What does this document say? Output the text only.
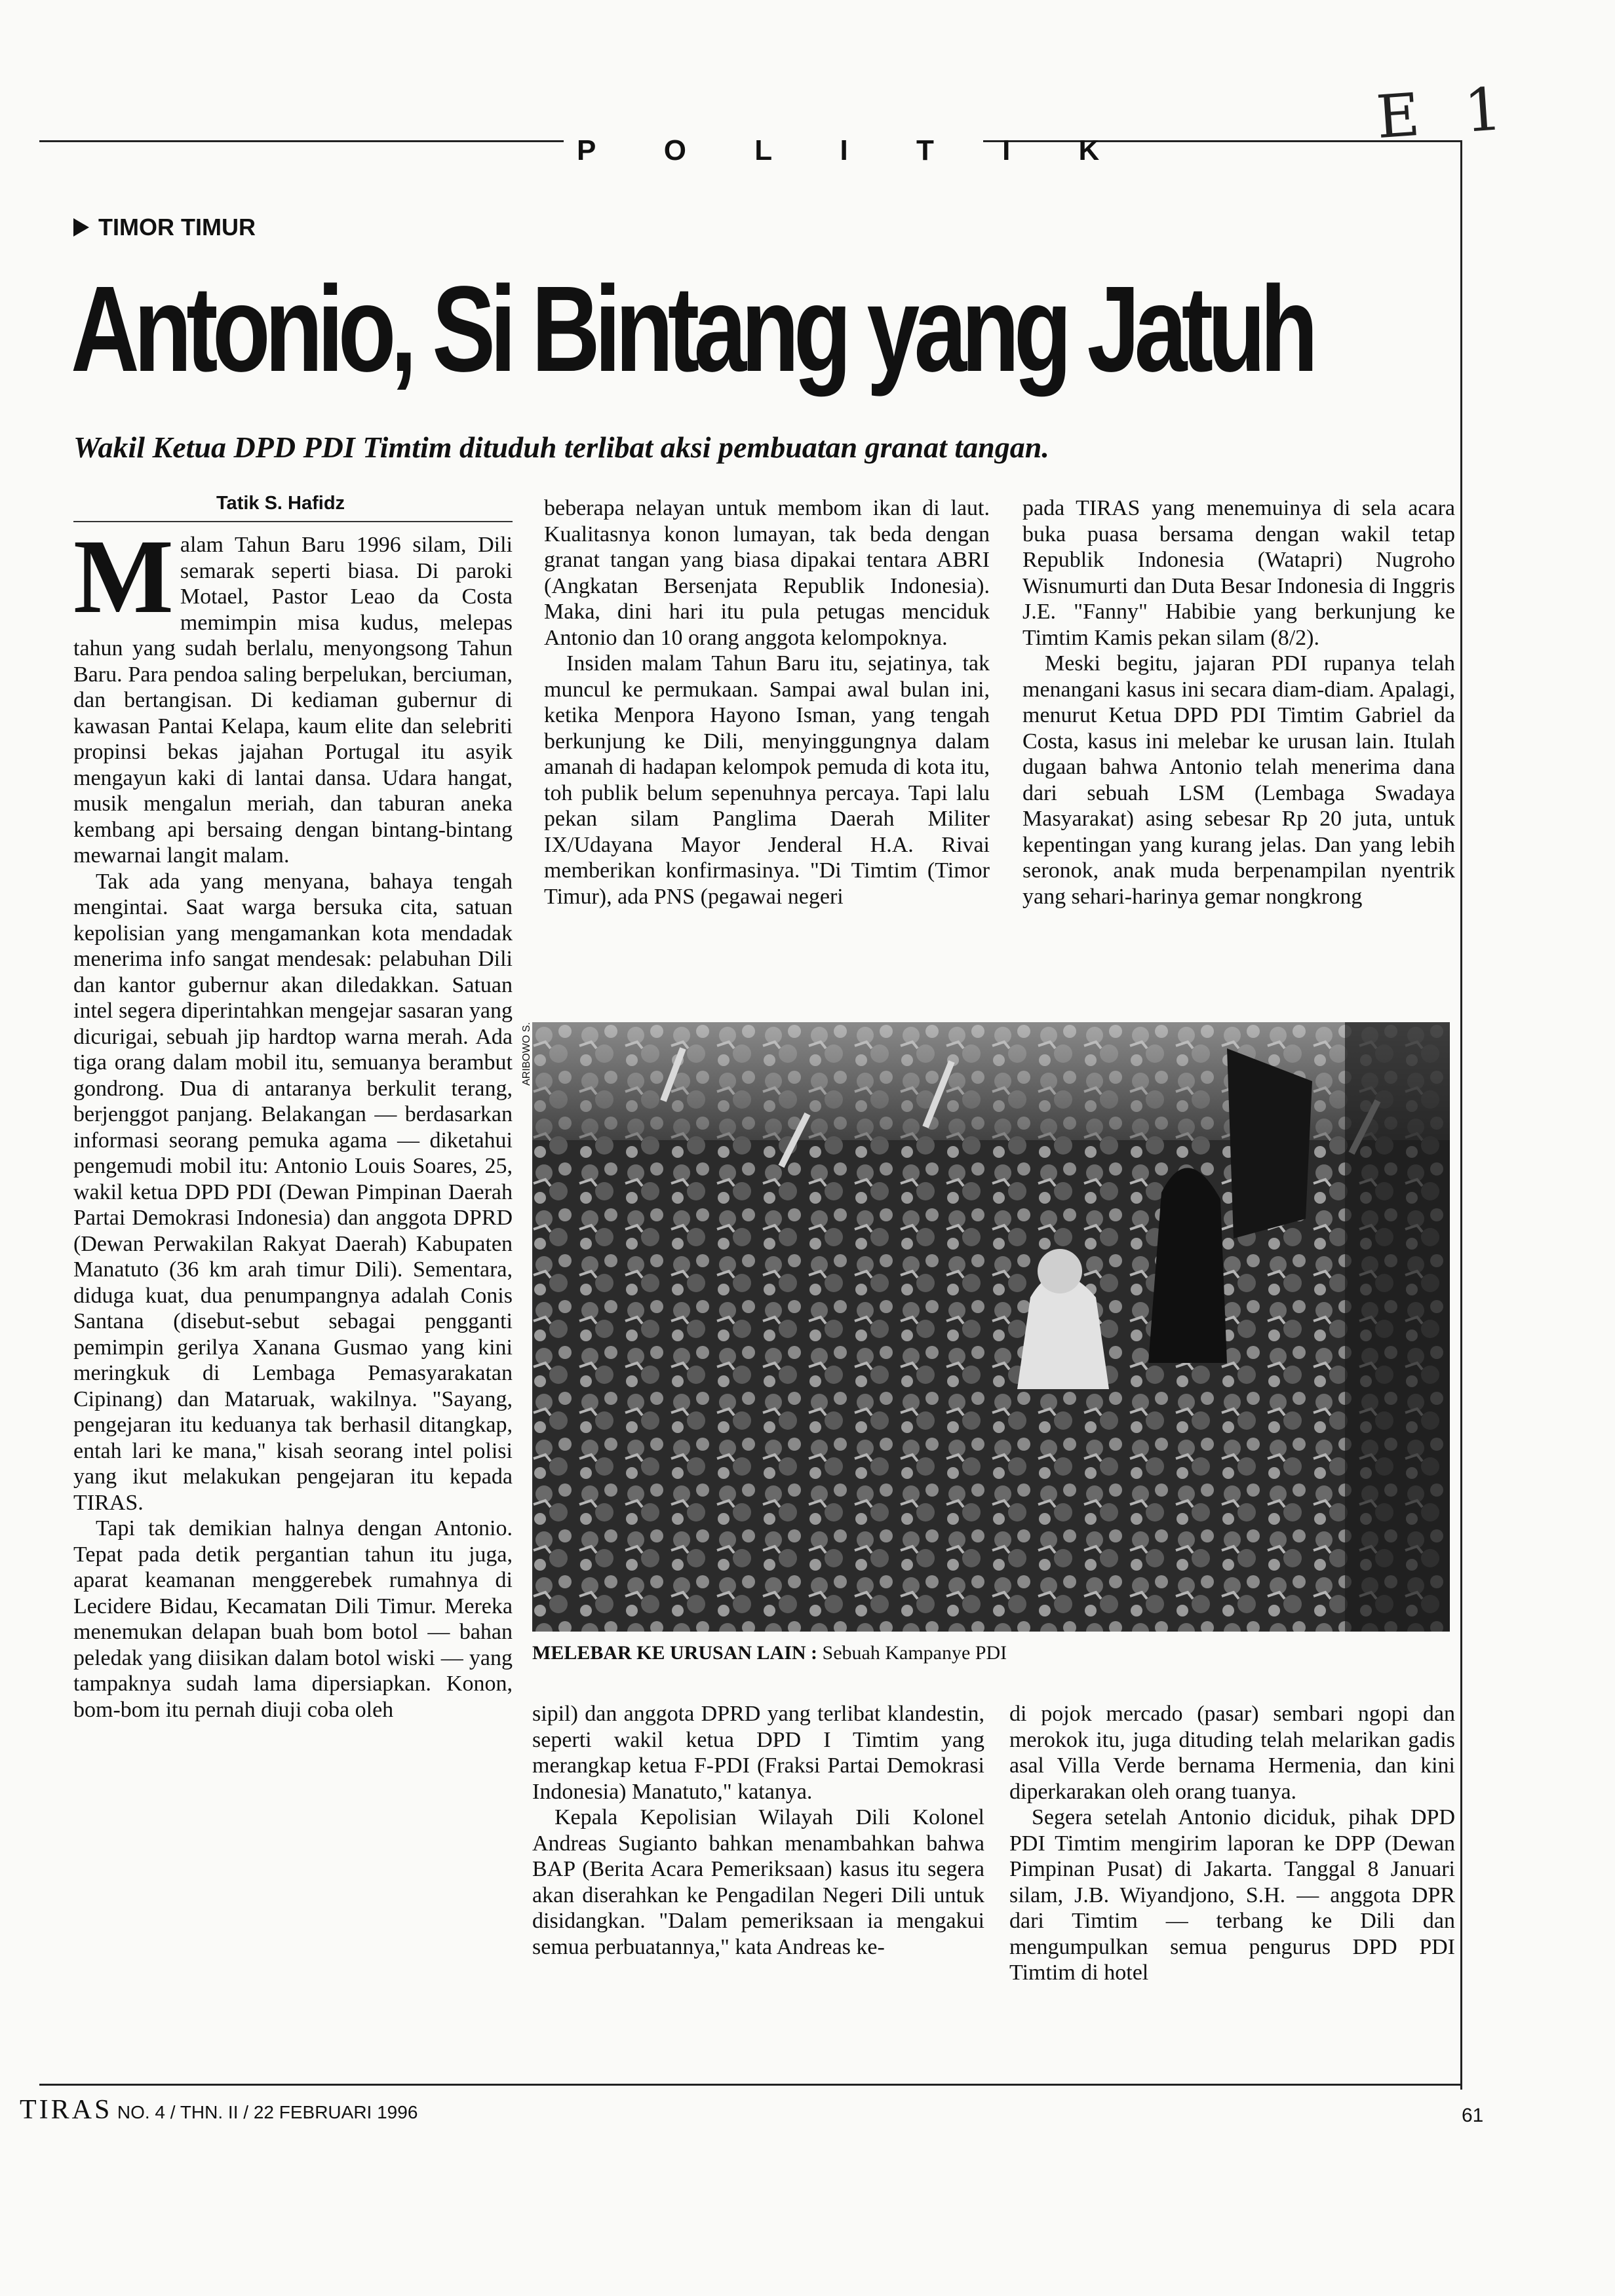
E 1
P O L I T I K
TIMOR TIMUR
Antonio, Si Bintang yang Jatuh
Wakil Ketua DPD PDI Timtim dituduh terlibat aksi pembuatan granat tangan.
Tatik S. Hafidz

Malam Tahun Baru 1996 silam, Dili semarak seperti biasa. Di paroki Motael, Pastor Leao da Costa memimpin misa kudus, melepas tahun yang sudah berlalu, menyongsong Tahun Baru. Para pendoa saling berpelukan, berciuman, dan bertangisan. Di kediaman gubernur di kawasan Pantai Kelapa, kaum elite dan selebriti propinsi bekas jajahan Portugal itu asyik mengayun kaki di lantai dansa. Udara hangat, musik mengalun meriah, dan taburan aneka kembang api bersaing dengan bintang-bintang mewarnai langit malam.

Tak ada yang menyana, bahaya tengah mengintai. Saat warga bersuka cita, satuan kepolisian yang mengamankan kota mendadak menerima info sangat mendesak: pelabuhan Dili dan kantor gubernur akan diledakkan. Satuan intel segera diperintahkan mengejar sasaran yang dicurigai, sebuah jip hardtop warna merah. Ada tiga orang dalam mobil itu, semuanya berambut gondrong. Dua di antaranya berkulit terang, berjenggot panjang. Belakangan — berdasarkan informasi seorang pemuka agama — diketahui pengemudi mobil itu: Antonio Louis Soares, 25, wakil ketua DPD PDI (Dewan Pimpinan Daerah Partai Demokrasi Indonesia) dan anggota DPRD (Dewan Perwakilan Rakyat Daerah) Kabupaten Manatuto (36 km arah timur Dili). Sementara, diduga kuat, dua penumpangnya adalah Conis Santana (disebut-sebut sebagai pengganti pemimpin gerilya Xanana Gusmao yang kini meringkuk di Lembaga Pemasyarakatan Cipinang) dan Mataruak, wakilnya. "Sayang, pengejaran itu keduanya tak berhasil ditangkap, entah lari ke mana," kisah seorang intel polisi yang ikut melakukan pengejaran itu kepada TIRAS.

Tapi tak demikian halnya dengan Antonio. Tepat pada detik pergantian tahun itu juga, aparat keamanan menggerebek rumahnya di Lecidere Bidau, Kecamatan Dili Timur. Mereka menemukan delapan buah bom botol — bahan peledak yang diisikan dalam botol wiski — yang tampaknya sudah lama dipersiapkan. Konon, bom-bom itu pernah diuji coba oleh

beberapa nelayan untuk membom ikan di laut. Kualitasnya konon lumayan, tak beda dengan granat tangan yang biasa dipakai tentara ABRI (Angkatan Bersenjata Republik Indonesia). Maka, dini hari itu pula petugas menciduk Antonio dan 10 orang anggota kelompoknya.

Insiden malam Tahun Baru itu, sejatinya, tak muncul ke permukaan. Sampai awal bulan ini, ketika Menpora Hayono Isman, yang tengah berkunjung ke Dili, menyinggungnya dalam amanah di hadapan kelompok pemuda di kota itu, toh publik belum sepenuhnya percaya. Tapi lalu pekan silam Panglima Daerah Militer IX/Udayana Mayor Jenderal H.A. Rivai memberikan konfirmasinya. "Di Timtim (Timor Timur), ada PNS (pegawai negeri

pada TIRAS yang menemuinya di sela acara buka puasa bersama dengan wakil tetap Republik Indonesia (Watapri) Nugroho Wisnumurti dan Duta Besar Indonesia di Inggris J.E. "Fanny" Habibie yang berkunjung ke Timtim Kamis pekan silam (8/2).

Meski begitu, jajaran PDI rupanya telah menangani kasus ini secara diam-diam. Apalagi, menurut Ketua DPD PDI Timtim Gabriel da Costa, kasus ini melebar ke urusan lain. Itulah dugaan bahwa Antonio telah menerima dana dari sebuah LSM (Lembaga Swadaya Masyarakat) asing sebesar Rp 20 juta, untuk kepentingan yang kurang jelas. Dan yang lebih seronok, anak muda berpenampilan nyentrik yang sehari-harinya gemar nongkrong

ARIBOWO S.
MELEBAR KE URUSAN LAIN : Sebuah Kampanye PDI

sipil) dan anggota DPRD yang terlibat klandestin, seperti wakil ketua DPD I Timtim yang merangkap ketua F-PDI (Fraksi Partai Demokrasi Indonesia) Manatuto," katanya.

Kepala Kepolisian Wilayah Dili Kolonel Andreas Sugianto bahkan menambahkan bahwa BAP (Berita Acara Pemeriksaan) kasus itu segera akan diserahkan ke Pengadilan Negeri Dili untuk disidangkan. "Dalam pemeriksaan ia mengakui semua perbuatannya," kata Andreas ke-

di pojok mercado (pasar) sembari ngopi dan merokok itu, juga dituding telah melarikan gadis asal Villa Verde bernama Hermenia, dan kini diperkarakan oleh orang tuanya.

Segera setelah Antonio diciduk, pihak DPD PDI Timtim mengirim laporan ke DPP (Dewan Pimpinan Pusat) di Jakarta. Tanggal 8 Januari silam, J.B. Wiyandjono, S.H. — anggota DPR dari Timtim — terbang ke Dili dan mengumpulkan semua pengurus DPD PDI Timtim di hotel

TIRAS NO. 4 / THN. II / 22 FEBRUARI 1996	61
